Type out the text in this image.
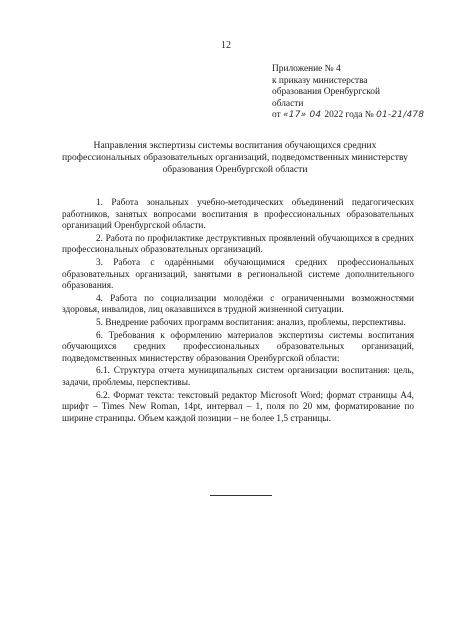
12
Приложение № 4
к приказу министерства
образования Оренбургской
области
от «17» 04 2022 года № 01-21/478
Направления экспертизы системы воспитания обучающихся средних профессиональных образовательных организаций, подведомственных министерству образования Оренбургской области

1. Работа зональных учебно-методических объединений педагогических работников, занятых вопросами воспитания в профессиональных образовательных организаций Оренбургской области.

2. Работа по профилактике деструктивных проявлений обучающихся в средних профессиональных образовательных организаций.

3. Работа с одарёнными обучающимися средних профессиональных образовательных организаций, занятыми в региональной системе дополнительного образования.

4. Работа по социализации молодёжи с ограниченными возможностями здоровья, инвалидов, лиц оказавшихся в трудной жизненной ситуации.

5. Внедрение рабочих программ воспитания: анализ, проблемы, перспективы.

6. Требования к оформлению материалов экспертизы системы воспитания обучающихся средних профессиональных образовательных организаций, подведомственных министерству образования Оренбургской области:

6.1. Структура отчета муниципальных систем организации воспитания: цель, задачи, проблемы, перспективы.

6.2. Формат текста: текстовый редактор Microsoft Word; формат страницы А4, шрифт – Times New Roman, 14pt, интервал – 1, поля по 20 мм, форматирование по ширине страницы. Объем каждой позиции – не более 1,5 страницы.
